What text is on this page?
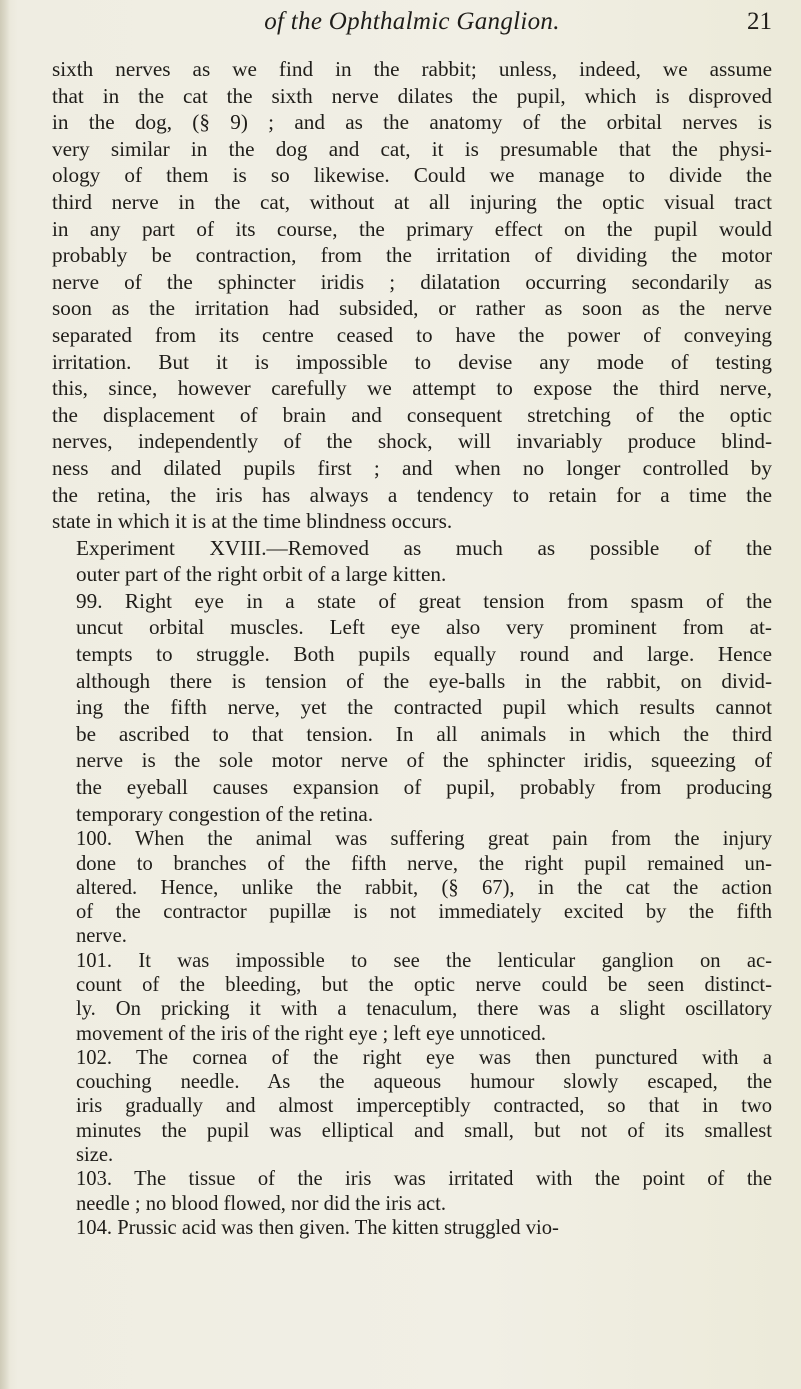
of the Ophthalmic Ganglion.	21

sixth nerves as we find in the rabbit; unless, indeed, we assume
that in the cat the sixth nerve dilates the pupil, which is disproved
in the dog, (§ 9) ; and as the anatomy of the orbital nerves is
very similar in the dog and cat, it is presumable that the physi-
ology of them is so likewise. Could we manage to divide the
third nerve in the cat, without at all injuring the optic visual tract
in any part of its course, the primary effect on the pupil would
probably be contraction, from the irritation of dividing the motor
nerve of the sphincter iridis ; dilatation occurring secondarily as
soon as the irritation had subsided, or rather as soon as the nerve
separated from its centre ceased to have the power of conveying
irritation. But it is impossible to devise any mode of testing
this, since, however carefully we attempt to expose the third nerve,
the displacement of brain and consequent stretching of the optic
nerves, independently of the shock, will invariably produce blind-
ness and dilated pupils first ; and when no longer controlled by
the retina, the iris has always a tendency to retain for a time the
state in which it is at the time blindness occurs.

Experiment XVIII.—Removed as much as possible of the
outer part of the right orbit of a large kitten.

99. Right eye in a state of great tension from spasm of the
uncut orbital muscles. Left eye also very prominent from at-
tempts to struggle. Both pupils equally round and large. Hence
although there is tension of the eye-balls in the rabbit, on divid-
ing the fifth nerve, yet the contracted pupil which results cannot
be ascribed to that tension. In all animals in which the third
nerve is the sole motor nerve of the sphincter iridis, squeezing of
the eyeball causes expansion of pupil, probably from producing
temporary congestion of the retina.

100. When the animal was suffering great pain from the injury
done to branches of the fifth nerve, the right pupil remained un-
altered. Hence, unlike the rabbit, (§ 67), in the cat the action
of the contractor pupillæ is not immediately excited by the fifth
nerve.

101. It was impossible to see the lenticular ganglion on ac-
count of the bleeding, but the optic nerve could be seen distinct-
ly. On pricking it with a tenaculum, there was a slight oscillatory
movement of the iris of the right eye ; left eye unnoticed.

102. The cornea of the right eye was then punctured with a
couching needle. As the aqueous humour slowly escaped, the
iris gradually and almost imperceptibly contracted, so that in two
minutes the pupil was elliptical and small, but not of its smallest
size.

103. The tissue of the iris was irritated with the point of the
needle ; no blood flowed, nor did the iris act.

104. Prussic acid was then given. The kitten struggled vio-
